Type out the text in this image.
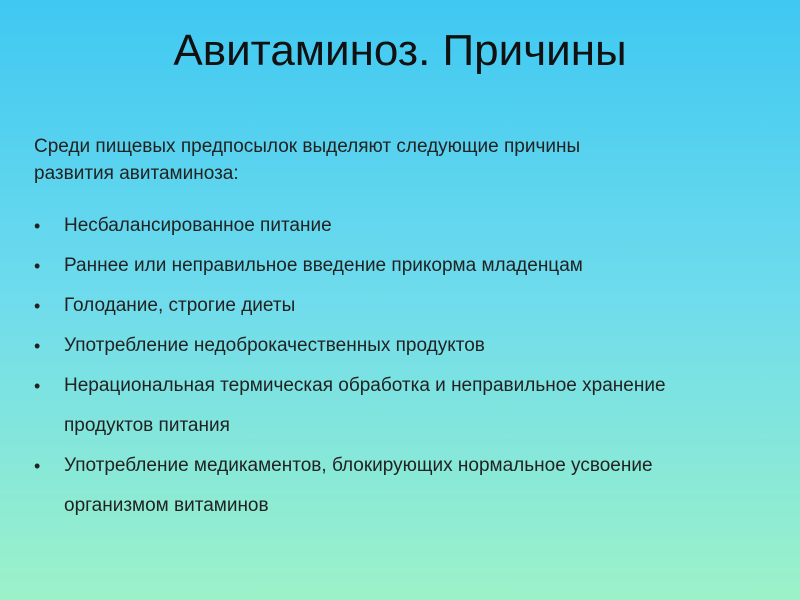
Авитаминоз. Причины
Среди пищевых предпосылок выделяют следующие причины
развития авитаминоза:
•	Несбалансированное питание
•	Раннее или неправильное введение прикорма младенцам
•	Голодание, строгие диеты
•	Употребление недоброкачественных продуктов
•	Нерациональная термическая обработка и неправильное хранение
продуктов питания
•	Употребление медикаментов, блокирующих нормальное усвоение
организмом витаминов
